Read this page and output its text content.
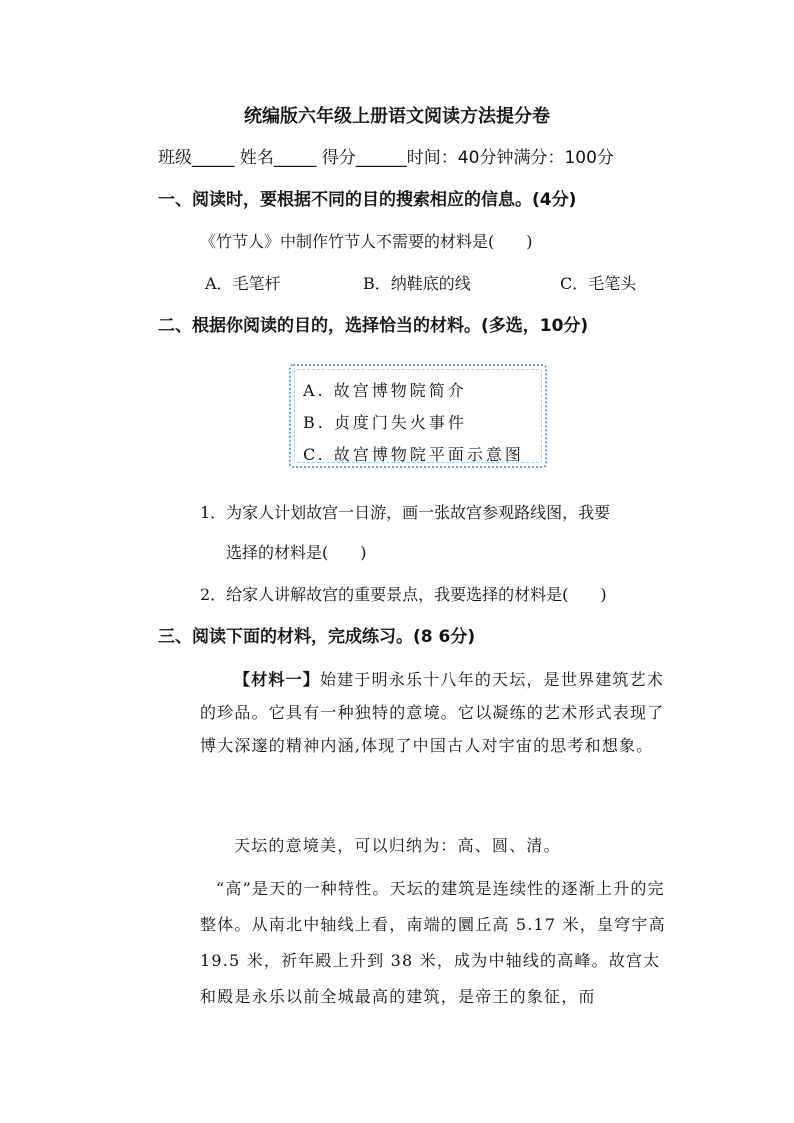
统编版六年级上册语文阅读方法提分卷
班级_____ 姓名_____ 得分______时间：40分钟满分：100分
一、阅读时，要根据不同的目的搜索相应的信息。(4分)
《竹节人》中制作竹节人不需要的材料是(　　)
A．毛笔杆	B．纳鞋底的线	C．毛笔头
二、根据你阅读的目的，选择恰当的材料。(多选，10分)
A. 故宫博物院简介
B. 贞度门失火事件
C. 故宫博物院平面示意图
1．为家人计划故宫一日游，画一张故宫参观路线图，我要
选择的材料是(　　)
2．给家人讲解故宫的重要景点，我要选择的材料是(　　)
三、阅读下面的材料，完成练习。(8 6分)
【材料一】始建于明永乐十八年的天坛，是世界建筑艺术的珍品。它具有一种独特的意境。它以凝练的艺术形式表现了博大深邃的精神内涵,体现了中国古人对宇宙的思考和想象。
天坛的意境美，可以归纳为：高、圆、清。
“高”是天的一种特性。天坛的建筑是连续性的逐渐上升的完整体。从南北中轴线上看，南端的圜丘高 5.17 米，皇穹宇高 19.5 米，祈年殿上升到 38 米，成为中轴线的高峰。故宫太和殿是永乐以前全城最高的建筑，是帝王的象征，而
